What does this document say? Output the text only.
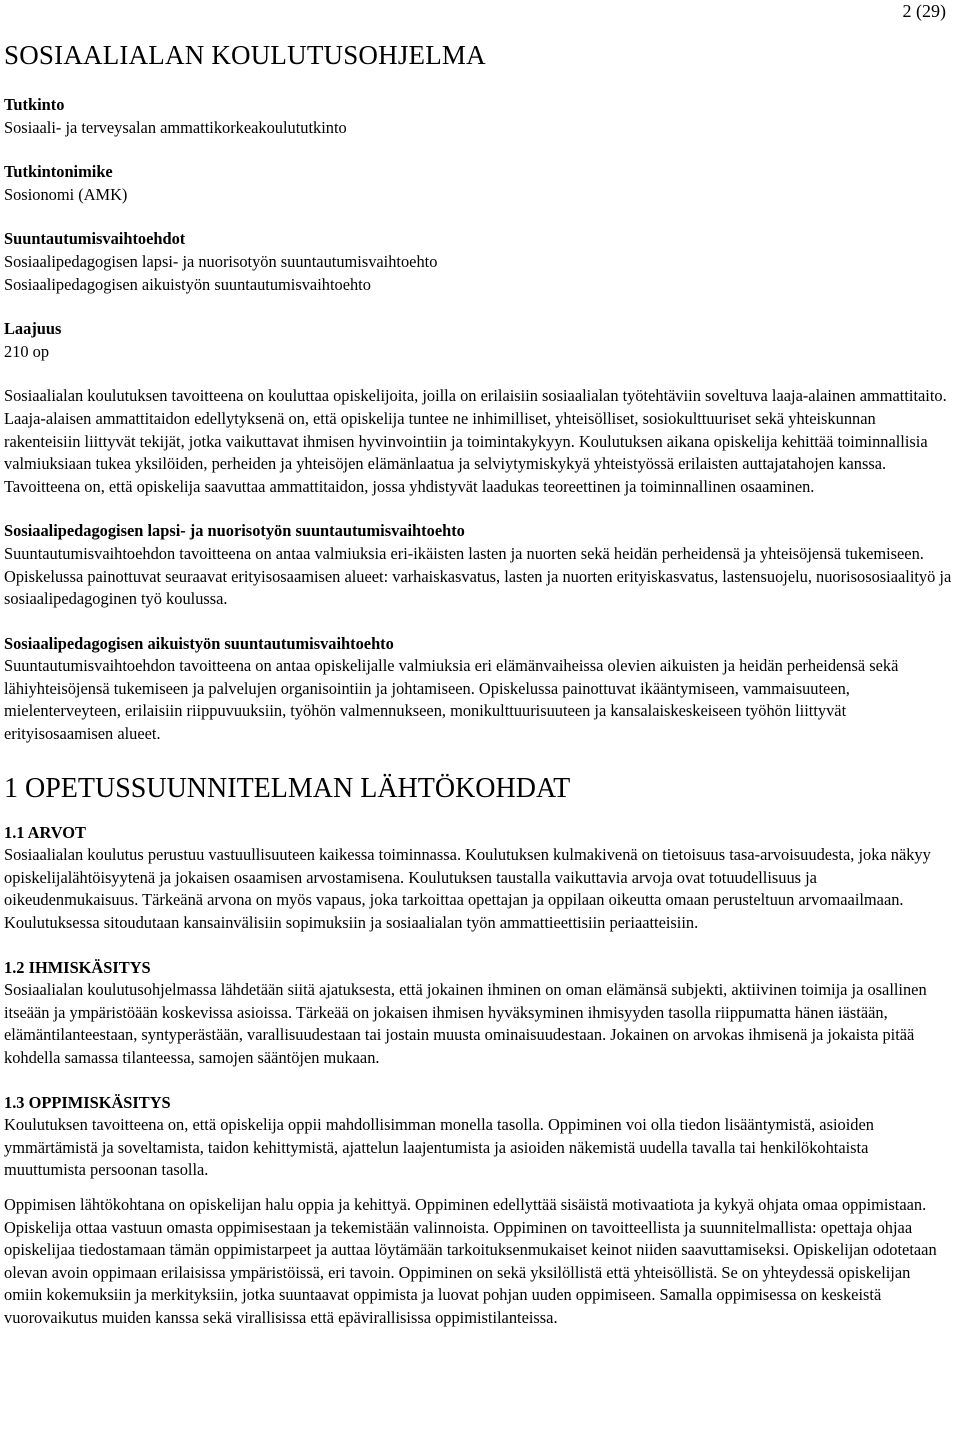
2 (29)
SOSIAALIALAN KOULUTUSOHJELMA
Tutkinto
Sosiaali- ja terveysalan ammattikorkeakoulututkinto
Tutkintonimike
Sosionomi (AMK)
Suuntautumisvaihtoehdot
Sosiaalipedagogisen lapsi- ja nuorisotyön suuntautumisvaihtoehto
Sosiaalipedagogisen aikuistyön suuntautumisvaihtoehto
Laajuus
210 op

Sosiaalialan koulutuksen tavoitteena on kouluttaa opiskelijoita, joilla on erilaisiin sosiaalialan työtehtäviin soveltuva laaja-alainen ammattitaito. Laaja-alaisen ammattitaidon edellytyksenä on, että opiskelija tuntee ne inhimilliset, yhteisölliset, sosiokulttuuriset sekä yhteiskunnan rakenteisiin liittyvät tekijät, jotka vaikuttavat ihmisen hyvinvointiin ja toimintakykyyn. Koulutuksen aikana opiskelija kehittää toiminnallisia valmiuksiaan tukea yksilöiden, perheiden ja yhteisöjen elämänlaatua ja selviytymiskykyä yhteistyössä erilaisten auttajatahojen kanssa. Tavoitteena on, että opiskelija saavuttaa ammattitaidon, jossa yhdistyvät laadukas teoreettinen ja toiminnallinen osaaminen.

Sosiaalipedagogisen lapsi- ja nuorisotyön suuntautumisvaihtoehto

Suuntautumisvaihtoehdon tavoitteena on antaa valmiuksia eri-ikäisten lasten ja nuorten sekä heidän perheidensä ja yhteisöjensä tukemiseen. Opiskelussa painottuvat seuraavat erityisosaamisen alueet: varhaiskasvatus, lasten ja nuorten erityiskasvatus, lastensuojelu, nuorisososiaalityö ja sosiaalipedagoginen työ koulussa.

Sosiaalipedagogisen aikuistyön suuntautumisvaihtoehto

Suuntautumisvaihtoehdon tavoitteena on antaa opiskelijalle valmiuksia eri elämänvaiheissa olevien aikuisten ja heidän perheidensä sekä lähiyhteisöjensä tukemiseen ja palvelujen organisointiin ja johtamiseen. Opiskelussa painottuvat ikääntymiseen, vammaisuuteen, mielenterveyteen, erilaisiin riippuvuuksiin, työhön valmennukseen, monikulttuurisuuteen ja kansalaiskeskeiseen työhön liittyvät erityisosaamisen alueet.

1 OPETUSSUUNNITELMAN LÄHTÖKOHDAT
1.1 ARVOT

Sosiaalialan koulutus perustuu vastuullisuuteen kaikessa toiminnassa. Koulutuksen kulmakivenä on tietoisuus tasa-arvoisuudesta, joka näkyy opiskelijalähtöisyytenä ja jokaisen osaamisen arvostamisena. Koulutuksen taustalla vaikuttavia arvoja ovat totuudellisuus ja oikeudenmukaisuus. Tärkeänä arvona on myös vapaus, joka tarkoittaa opettajan ja oppilaan oikeutta omaan perusteltuun arvomaailmaan. Koulutuksessa sitoudutaan kansainvälisiin sopimuksiin ja sosiaalialan työn ammattieettisiin periaatteisiin.

1.2 IHMISKÄSITYS

Sosiaalialan koulutusohjelmassa lähdetään siitä ajatuksesta, että jokainen ihminen on oman elämänsä subjekti, aktiivinen toimija ja osallinen itseään ja ympäristöään koskevissa asioissa. Tärkeää on jokaisen ihmisen hyväksyminen ihmisyyden tasolla riippumatta hänen iästään, elämäntilanteestaan, syntyperästään, varallisuudestaan tai jostain muusta ominaisuudestaan. Jokainen on arvokas ihmisenä ja jokaista pitää kohdella samassa tilanteessa, samojen sääntöjen mukaan.

1.3 OPPIMISKÄSITYS

Koulutuksen tavoitteena on, että opiskelija oppii mahdollisimman monella tasolla. Oppiminen voi olla tiedon lisääntymistä, asioiden ymmärtämistä ja soveltamista, taidon kehittymistä, ajattelun laajentumista ja asioiden näkemistä uudella tavalla tai henkilökohtaista muuttumista persoonan tasolla.

Oppimisen lähtökohtana on opiskelijan halu oppia ja kehittyä. Oppiminen edellyttää sisäistä motivaatiota ja kykyä ohjata omaa oppimistaan. Opiskelija ottaa vastuun omasta oppimisestaan ja tekemistään valinnoista. Oppiminen on tavoitteellista ja suunnitelmallista: opettaja ohjaa opiskelijaa tiedostamaan tämän oppimistarpeet ja auttaa löytämään tarkoituksenmukaiset keinot niiden saavuttamiseksi. Opiskelijan odotetaan olevan avoin oppimaan erilaisissa ympäristöissä, eri tavoin. Oppiminen on sekä yksilöllistä että yhteisöllistä. Se on yhteydessä opiskelijan omiin kokemuksiin ja merkityksiin, jotka suuntaavat oppimista ja luovat pohjan uuden oppimiseen. Samalla oppimisessa on keskeistä vuorovaikutus muiden kanssa sekä virallisissa että epävirallisissa oppimistilanteissa.
